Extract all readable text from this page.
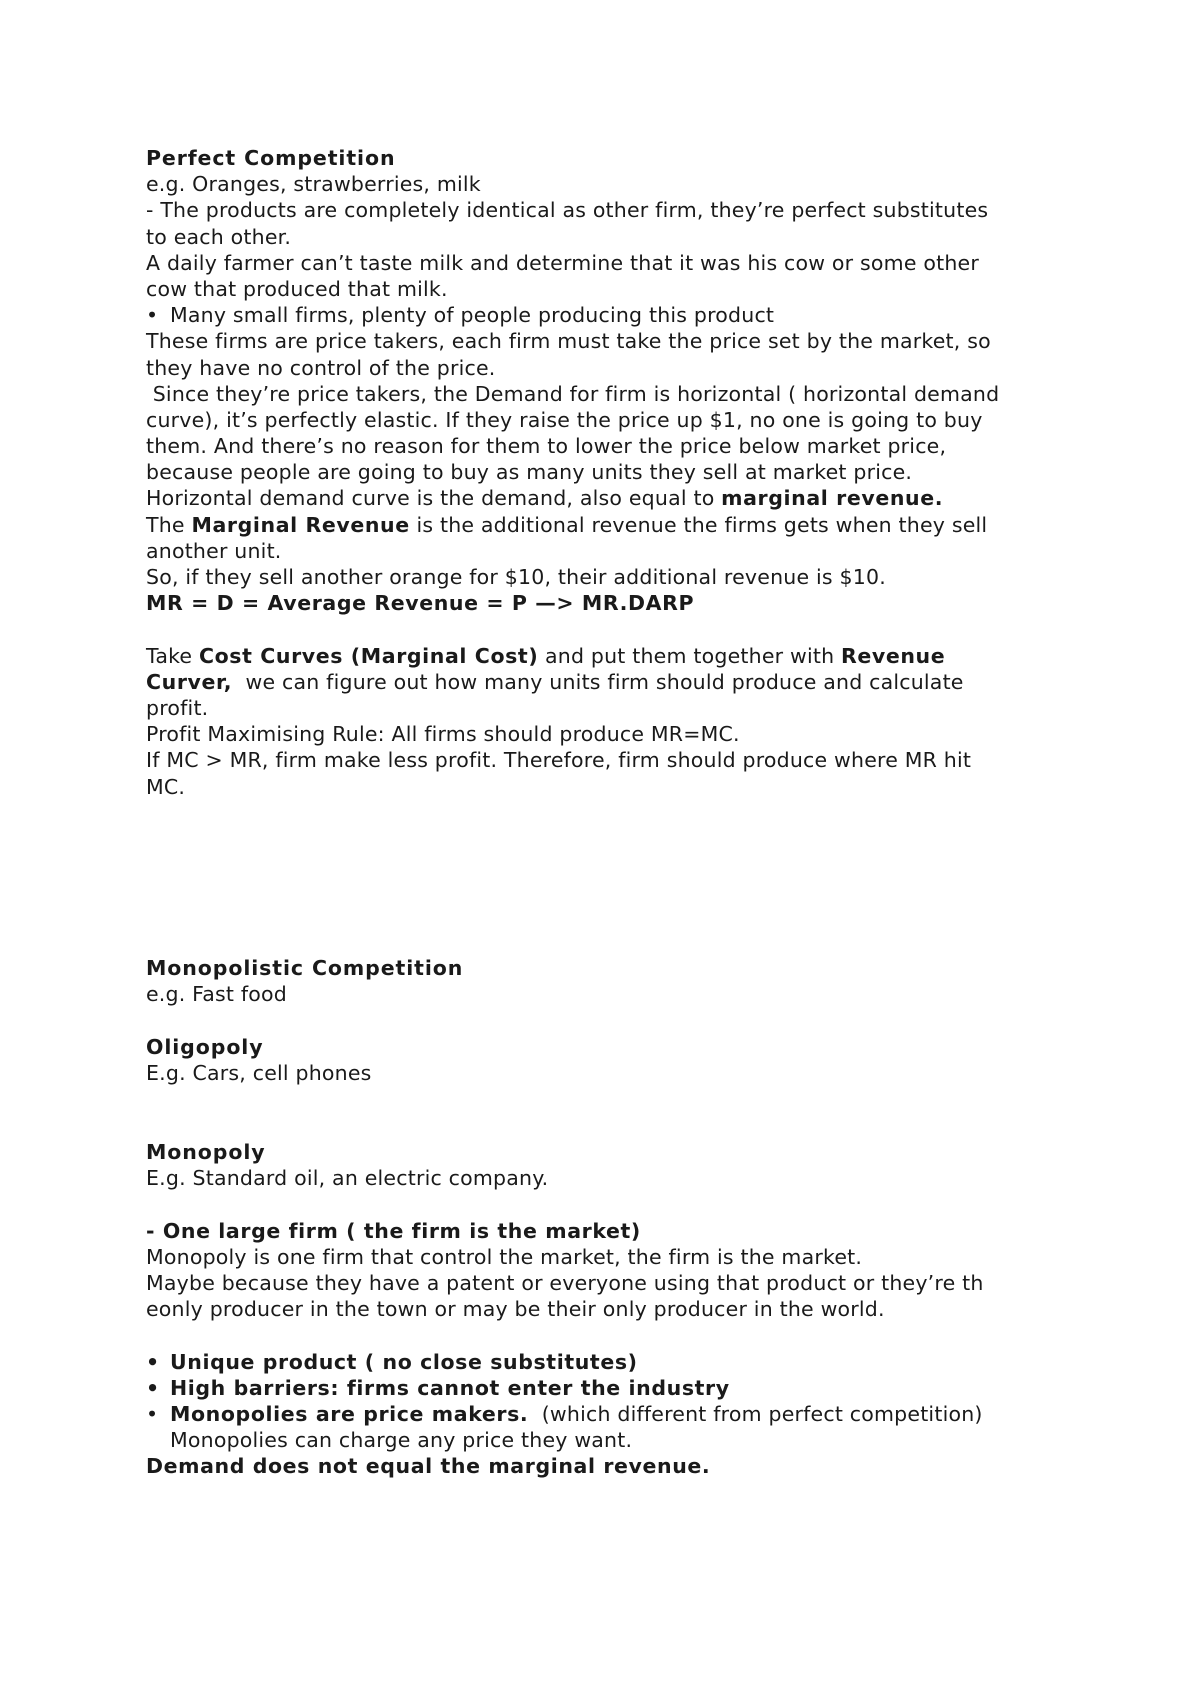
Perfect Competition
e.g. Oranges, strawberries, milk
- The products are completely identical as other firm, they’re perfect substitutes
to each other.
A daily farmer can’t taste milk and determine that it was his cow or some other
cow that produced that milk.
• Many small firms, plenty of people producing this product
These firms are price takers, each firm must take the price set by the market, so
they have no control of the price.
Since they’re price takers, the Demand for firm is horizontal ( horizontal demand
curve), it’s perfectly elastic. If they raise the price up $1, no one is going to buy
them. And there’s no reason for them to lower the price below market price,
because people are going to buy as many units they sell at market price.
Horizontal demand curve is the demand, also equal to marginal revenue.
The Marginal Revenue is the additional revenue the firms gets when they sell
another unit.
So, if they sell another orange for $10, their additional revenue is $10.
MR = D = Average Revenue = P —> MR.DARP
Take Cost Curves (Marginal Cost) and put them together with Revenue
Curver,  we can figure out how many units firm should produce and calculate
profit.
Profit Maximising Rule: All firms should produce MR=MC.
If MC > MR, firm make less profit. Therefore, firm should produce where MR hit
MC.
Monopolistic Competition
e.g. Fast food
Oligopoly
E.g. Cars, cell phones
Monopoly
E.g. Standard oil, an electric company.
- One large firm ( the firm is the market)
Monopoly is one firm that control the market, the firm is the market.
Maybe because they have a patent or everyone using that product or they’re th
eonly producer in the town or may be their only producer in the world.
• Unique product ( no close substitutes)
• High barriers: firms cannot enter the industry
• Monopolies are price makers.  (which different from perfect competition)
Monopolies can charge any price they want.
Demand does not equal the marginal revenue.
